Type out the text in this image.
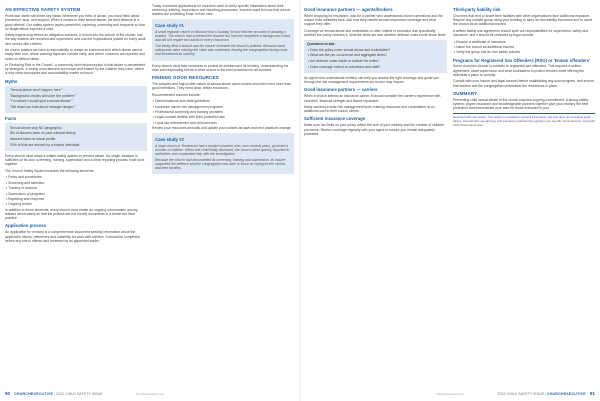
AN EFFECTIVE SAFETY SYSTEM

Protection starts with three key ideas: Whenever you think of abuse, you must think about prevention, stop, and support. When it comes to child sexual abuse, the best defence is a good offence. Our safety system layers prevention, reporting, screening and response so that no single failure exposes a child.

Safety begins long before an allegation surfaces. It is built into the culture of the church, into the way leaders are recruited and supervised, and into the expectations placed on every adult who serves with children.

As church leaders we have a responsibility to create an environment in which abuse cannot easily take root, where warning signs are noticed early, and where concerns are reported and acted on without delay.

In 'Reducing Risk in the Church', a commonly held misconception is that abuse is perpetrated by strangers. In reality most abusers are known and trusted by the children they harm, which is why clear boundaries and accountability matter so much.

Myths

"Sexual abuse won't happen here."

"Background checks will solve the problem."

"I'm certain I would spot a sexual abuser."

"We teach our kids about 'stranger danger.'"

Facts

Sexual abuse stop NO geographic.

8% of abusers have no past criminal history.

Abusers have no visual profile.

90% of kids are abused by a trusted individual.

Every church must adopt a written safety system to prevent abuse. No single measure is sufficient on its own; screening, training, supervision and a clear reporting process must work together.

The Church Safety System includes the following elements:

• Policy and procedures

• Screening and selection

• Training of workers

• Supervision of programs

• Reporting and response

• Ongoing review

In addition to these elements, every church must create an ongoing conversation among leaders about safety so that the policies are not merely documents in a binder but lived practice.

Application process

An application for ministry is a comprehensive document seeking information about the applicant's history, references and suitability for work with children. It should be completed before any role is offered and reviewed by an appointed leader.

Today, insurance applications for churches seek to verify specific information about their screening, training, supervision and reporting procedures. Insurers want to know that church leaders are protecting those in their care.

Case study #1

A small regional church in Missouri had a Sunday School teacher accused of abusing a student. The church had screened the teacher but had not completed a background check and did not require two adults in every classroom.

The family filed a lawsuit and the insurer reviewed the church's policies. Because basic safeguards were missing the claim was contested, leaving the congregation facing costs that threatened its ministry.

Every church must take measures to protect its children and its ministry. Understanding the risks and responding before a crisis occurs is the best protection for all involved.

FINDING GOOD RESOURCES

The complex and high profile nature of sexual abuse cases means churches need more than good intentions. They need clear, tested resources.

Recommended sources include:

• Denominational and state guidelines

• Insurance carrier risk management programs

• Professional screening and training providers

• Legal counsel familiar with child protection law

• Local law enforcement and child services

Review your resources annually and update your policies as laws and best practices change.

Case study #2

A large church in Tennessee had a trusted volunteer who, over several years, groomed a number of children. When one child finally disclosed, the church acted quickly, reported to authorities and cooperated fully with the investigation.

Because the church had documented its screening, training and supervision, its insurer supported the defence and the congregation was able to focus on caring for the victims and their families.

Good insurance partners — agents/brokers

When shopping for insurance, look for a partner who understands church operations and the unique risks ministries face. Ask how they handle sexual misconduct coverage and what support they offer.

Coverage for sexual abuse and molestation is often limited or excluded. Ask specifically whether the policy includes it, what the limits are and whether defence costs erode those limits.

Questions to ask:

• Does the policy cover sexual abuse and molestation?

• What are the per-occurrence and aggregate limits?

• Are defence costs inside or outside the limits?

• Does coverage extend to volunteers and staff?

An agent who understands ministry can help you assess the right coverage and guide you through the risk management requirements an insurer may require.

Good insurance partners — carriers

When a church selects an insurance carrier, it should consider the carrier's experience with churches, financial strength and claims reputation.

Many carriers provide risk management tools, training resources and consultation at no additional cost to their church clients.

Sufficient insurance coverage

Make sure the limits on your policy reflect the size of your ministry and the number of children you serve. Review coverage regularly with your agent to ensure you remain adequately protected.

Third-party liability risk

Churches that rent or share their facilities with other organizations face additional exposure. Require any outside group using your building to carry its own liability insurance and to name the church as an additional insured.

A written facility use agreement should spell out responsibilities for supervision, safety and insurance, and it should be reviewed by legal counsel.

• Require a certificate of insurance

• Name the church as additional insured

• Verify the group has its own safety policies

Programs for Registered Sex Offenders (RSO) or 'known offenders'

Some churches choose to minister to registered sex offenders. This requires a written agreement, close supervision and clear boundaries to protect children while offering the individual a place to worship.

Consult with your insurer and legal counsel before establishing any such program, and ensure that leaders and the congregation understand the restrictions in place.

SUMMARY

Preventing child sexual abuse in the church requires ongoing commitment. A strong safety system, proper insurance and knowledgeable partners together give your ministry the best protection and demonstrate your care for those entrusted to you.

Reprinted with permission. This article is provided for general information only and does not constitute legal advice. Consult with your attorney and insurance professional regarding your specific circumstances. Copyright 2022 Church Executive.
90 CHURCHEXECUTIVE | 2022 CHILD SAFETY ISSUE	churchexecutive.com	churchexecutive.com	2022 CHILD SAFETY ISSUE | CHURCHEXECUTIVE 91
